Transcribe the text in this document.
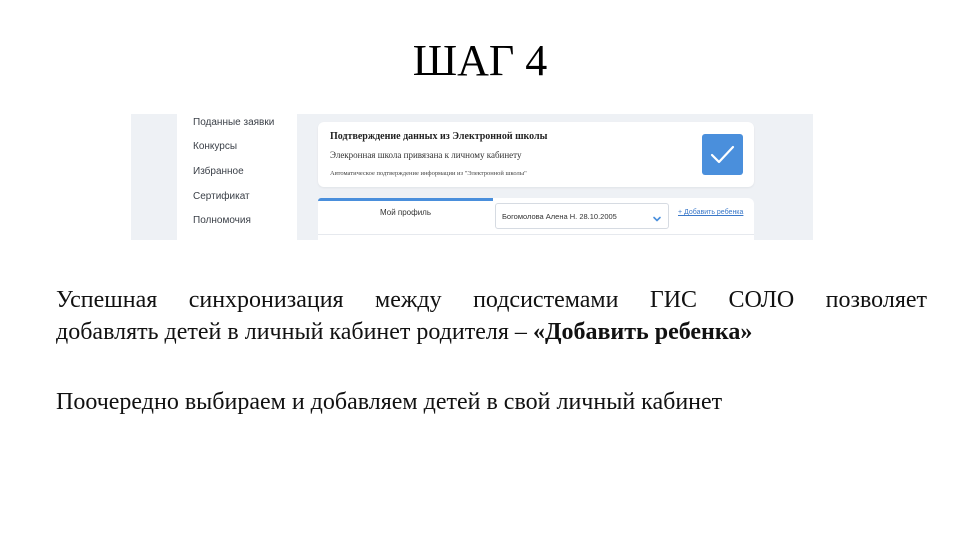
ШАГ 4
Поданные заявки
Конкурсы
Избранное
Сертификат
Полномочия
Подтверждение данных из Электронной школы
Элекронная школа привязана к личному кабинету
Автоматическое подтверждение информации из "Электронной школы"
Мой профиль	Богомолова Алена Н. 28.10.2005	+ Добавить ребенка
Успешная синхронизация между подсистемами ГИС СОЛО позволяет
добавлять детей в личный кабинет родителя – «Добавить ребенка»
Поочередно выбираем и добавляем детей в свой личный кабинет
